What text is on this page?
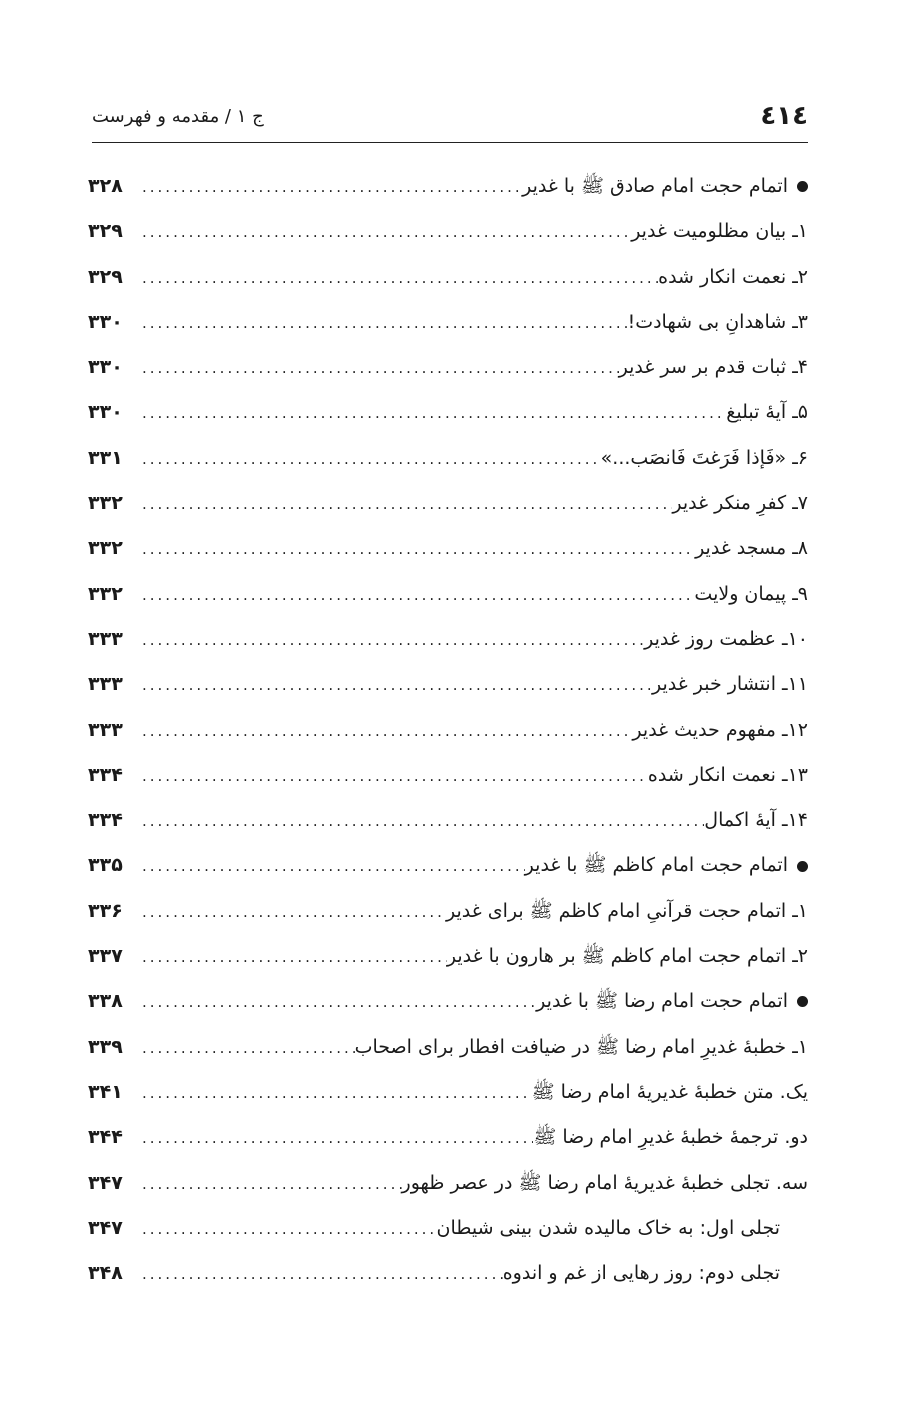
٤١٤
ج ۱ / مقدمه و فهرست
اتمام حجت امام صادق ﷺ با غدیر
.....
۳۲۸
۱ـ بیان مظلومیت غدیر
.....
۳۲۹
۲ـ نعمت انکار شده
.....
۳۲۹
۳ـ شاهدانِ بی شهادت!
.....
۳۳۰
۴ـ ثبات قدم بر سر غدیر
.....
۳۳۰
۵ـ آیهٔ تبلیغ
.....
۳۳۰
۶ـ «فَإذا فَرَغتَ فَانصَب...»
.....
۳۳۱
۷ـ کفرِ منکر غدیر
.....
۳۳۲
۸ـ مسجد غدیر
.....
۳۳۲
۹ـ پیمان ولایت
.....
۳۳۲
۱۰ـ عظمت روز غدیر
.....
۳۳۳
۱۱ـ انتشار خبر غدیر
.....
۳۳۳
۱۲ـ مفهوم حدیث غدیر
.....
۳۳۳
۱۳ـ نعمت انکار شده
.....
۳۳۴
۱۴ـ آیهٔ اکمال
.....
۳۳۴
اتمام حجت امام کاظم ﷺ با غدیر
.....
۳۳۵
۱ـ اتمام حجت قرآنیِ امام کاظم ﷺ برای غدیر
.....
۳۳۶
۲ـ اتمام حجت امام کاظم ﷺ بر هارون با غدیر
.....
۳۳۷
اتمام حجت امام رضا ﷺ با غدیر
.....
۳۳۸
۱ـ خطبهٔ غدیرِ امام رضا ﷺ در ضیافت افطار برای اصحاب
.....
۳۳۹
یک. متن خطبهٔ غدیریهٔ امام رضا ﷺ
.....
۳۴۱
دو. ترجمهٔ خطبهٔ غدیرِ امام رضا ﷺ
.....
۳۴۴
سه. تجلی خطبهٔ غدیریهٔ امام رضا ﷺ در عصر ظهور
.....
۳۴۷
تجلی اول: به خاک مالیده شدن بینی شیطان
.....
۳۴۷
تجلی دوم: روز رهایی از غم و اندوه
.....
۳۴۸
